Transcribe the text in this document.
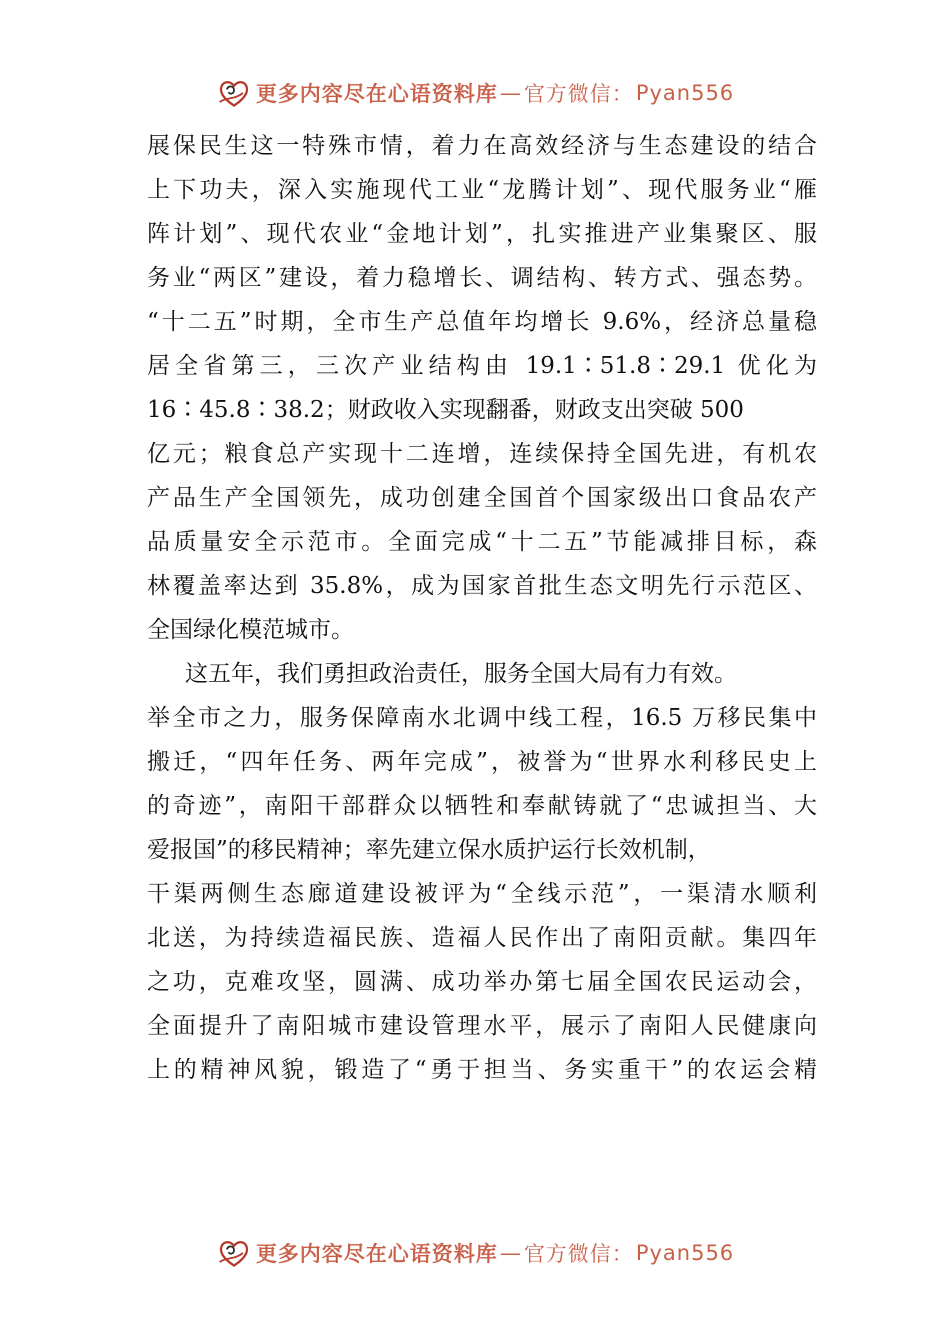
更多内容尽在心语资料库 — 官方微信： Pyan556
展保民生这一特殊市情，着力在高效经济与生态建设的结合
上下功夫，深入实施现代工业“龙腾计划”、现代服务业“雁
阵计划”、现代农业“金地计划”，扎实推进产业集聚区、服
务业“两区”建设，着力稳增长、调结构、转方式、强态势。
“十二五”时期，全市生产总值年均增长 9.6%，经济总量稳
居全省第三，三次产业结构由 19.1∶51.8∶29.1 优化为
16∶45.8∶38.2；财政收入实现翻番，财政支出突破 500
亿元；粮食总产实现十二连增，连续保持全国先进，有机农
产品生产全国领先，成功创建全国首个国家级出口食品农产
品质量安全示范市。全面完成“十二五”节能减排目标，森
林覆盖率达到 35.8%，成为国家首批生态文明先行示范区、
全国绿化模范城市。
这五年，我们勇担政治责任，服务全国大局有力有效。
举全市之力，服务保障南水北调中线工程，16.5 万移民集中
搬迁，“四年任务、两年完成”，被誉为“世界水利移民史上
的奇迹”，南阳干部群众以牺牲和奉献铸就了“忠诚担当、大
爱报国”的移民精神；率先建立保水质护运行长效机制，
干渠两侧生态廊道建设被评为“全线示范”，一渠清水顺利
北送，为持续造福民族、造福人民作出了南阳贡献。集四年
之功，克难攻坚，圆满、成功举办第七届全国农民运动会，
全面提升了南阳城市建设管理水平，展示了南阳人民健康向
上的精神风貌，锻造了“勇于担当、务实重干”的农运会精
更多内容尽在心语资料库 — 官方微信： Pyan556
